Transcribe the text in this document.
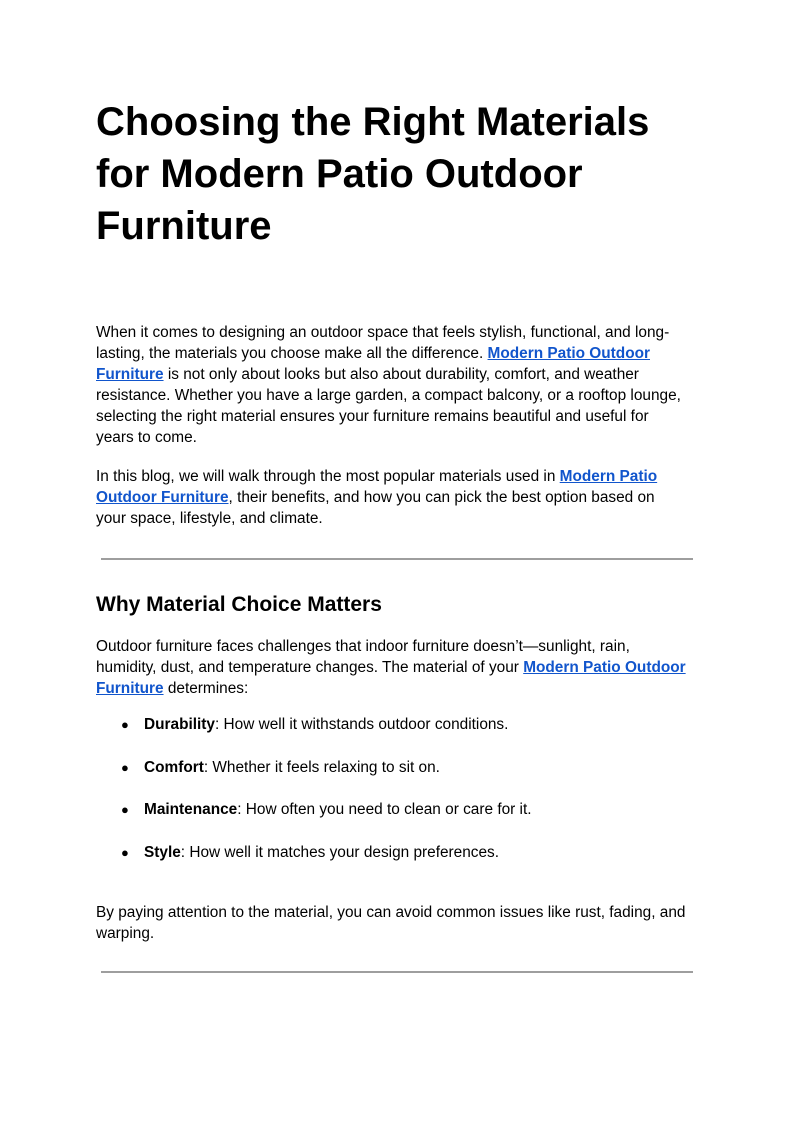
Choosing the Right Materials for Modern Patio Outdoor Furniture

When it comes to designing an outdoor space that feels stylish, functional, and long-lasting, the materials you choose make all the difference. Modern Patio Outdoor Furniture is not only about looks but also about durability, comfort, and weather resistance. Whether you have a large garden, a compact balcony, or a rooftop lounge, selecting the right material ensures your furniture remains beautiful and useful for years to come.

In this blog, we will walk through the most popular materials used in Modern Patio Outdoor Furniture, their benefits, and how you can pick the best option based on your space, lifestyle, and climate.

Why Material Choice Matters

Outdoor furniture faces challenges that indoor furniture doesn’t—sunlight, rain, humidity, dust, and temperature changes. The material of your Modern Patio Outdoor Furniture determines:

● Durability: How well it withstands outdoor conditions.
● Comfort: Whether it feels relaxing to sit on.
● Maintenance: How often you need to clean or care for it.
● Style: How well it matches your design preferences.

By paying attention to the material, you can avoid common issues like rust, fading, and warping.
